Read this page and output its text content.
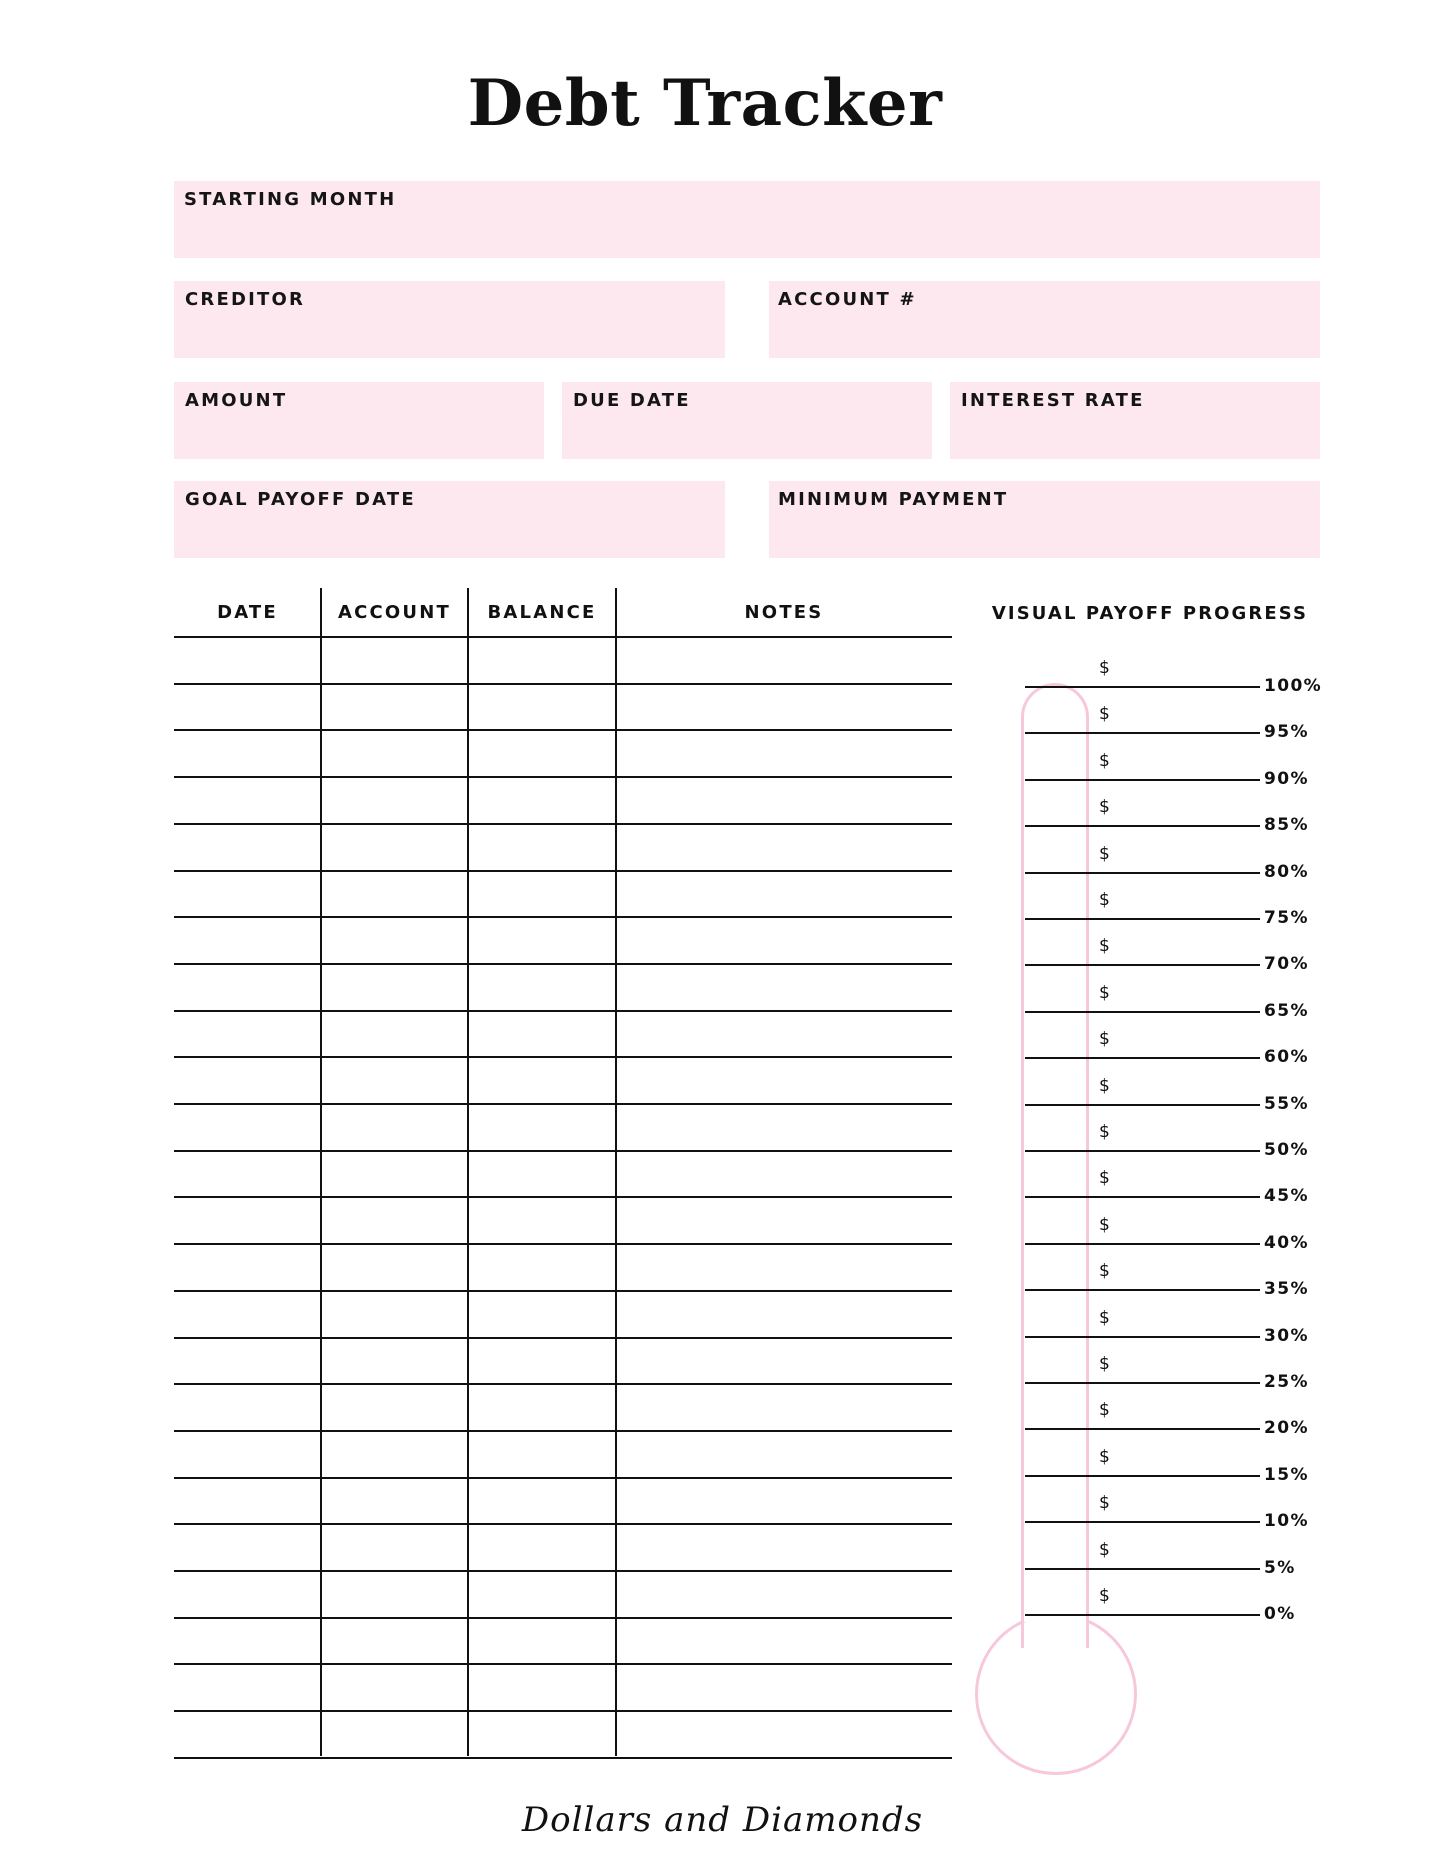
Debt Tracker
STARTING MONTH
CREDITOR	ACCOUNT #
AMOUNT	DUE DATE	INTEREST RATE
GOAL PAYOFF DATE	MINIMUM PAYMENT
DATE	ACCOUNT	BALANCE	NOTES	VISUAL PAYOFF PROGRESS
$
100%
$
95%
$
90%
$
85%
$
80%
$
75%
$
70%
$
65%
$
60%
$
55%
$
50%
$
45%
$
40%
$
35%
$
30%
$
25%
$
20%
$
15%
$
10%
$
5%
$
0%
Dollars and Diamonds
